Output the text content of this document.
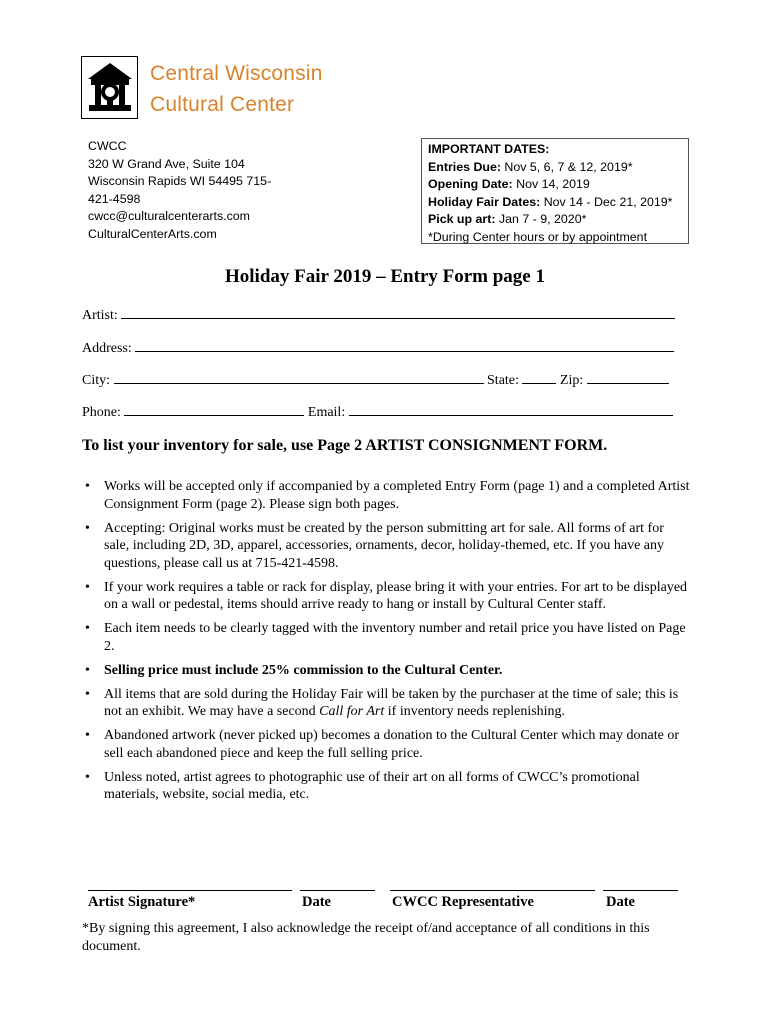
Central Wisconsin
Cultural Center
CWCC
320 W Grand Ave, Suite 104
Wisconsin Rapids WI 54495 715-
421-4598
cwcc@culturalcenterarts.com
CulturalCenterArts.com
IMPORTANT DATES:
Entries Due: Nov 5, 6, 7 & 12, 2019*
Opening Date: Nov 14, 2019
Holiday Fair Dates: Nov 14 - Dec 21, 2019*
Pick up art: Jan 7 - 9, 2020*
*During Center hours or by appointment
Holiday Fair 2019 – Entry Form page 1
Artist:
Address:
City:	State:	Zip:
Phone:	Email:
To list your inventory for sale, use Page 2 ARTIST CONSIGNMENT FORM.
• Works will be accepted only if accompanied by a completed Entry Form (page 1) and a completed Artist Consignment Form (page 2). Please sign both pages.
• Accepting: Original works must be created by the person submitting art for sale. All forms of art for sale, including 2D, 3D, apparel, accessories, ornaments, decor, holiday-themed, etc. If you have any questions, please call us at 715-421-4598.
• If your work requires a table or rack for display, please bring it with your entries. For art to be displayed on a wall or pedestal, items should arrive ready to hang or install by Cultural Center staff.
• Each item needs to be clearly tagged with the inventory number and retail price you have listed on Page 2.
• Selling price must include 25% commission to the Cultural Center.
• All items that are sold during the Holiday Fair will be taken by the purchaser at the time of sale; this is not an exhibit. We may have a second Call for Art if inventory needs replenishing.
• Abandoned artwork (never picked up) becomes a donation to the Cultural Center which may donate or sell each abandoned piece and keep the full selling price.
• Unless noted, artist agrees to photographic use of their art on all forms of CWCC’s promotional materials, website, social media, etc.
Artist Signature*	Date	CWCC Representative	Date
*By signing this agreement, I also acknowledge the receipt of/and acceptance of all conditions in this document.
